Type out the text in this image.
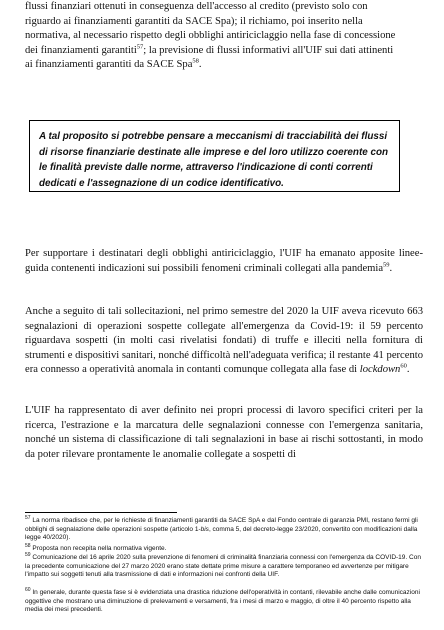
flussi finanziari ottenuti in conseguenza dell'accesso al credito (previsto solo con
riguardo ai finanziamenti garantiti da SACE Spa); il richiamo, poi inserito nella
normativa, al necessario rispetto degli obblighi antiriciclaggio nella fase di concessione
dei finanziamenti garantiti$^{57}$; la previsione di flussi informativi all'UIF sui dati attinenti
ai finanziamenti garantiti da SACE Spa$^{58}$.

A tal proposito si potrebbe pensare a meccanismi di tracciabilità dei flussi di risorse finanziarie destinate alle imprese e del loro utilizzo coerente con le finalità previste dalle norme, attraverso l'indicazione di conti correnti dedicati e l'assegnazione di un codice identificativo.

Per supportare i destinatari degli obblighi antiriciclaggio, l'UIF ha emanato apposite linee-guida contenenti indicazioni sui possibili fenomeni criminali collegati alla pandemia$^{59}$.

Anche a seguito di tali sollecitazioni, nel primo semestre del 2020 la UIF aveva ricevuto 663 segnalazioni di operazioni sospette collegate all'emergenza da Covid-19: il 59 percento riguardava sospetti (in molti casi rivelatisi fondati) di truffe e illeciti nella fornitura di strumenti e dispositivi sanitari, nonché difficoltà nell'adeguata verifica; il restante 41 percento era connesso a operatività anomala in contanti comunque collegata alla fase di lockdown$^{60}$.

L'UIF ha rappresentato di aver definito nei propri processi di lavoro specifici criteri per la ricerca, l'estrazione e la marcatura delle segnalazioni connesse con l'emergenza sanitaria, nonché un sistema di classificazione di tali segnalazioni in base ai rischi sottostanti, in modo da poter rilevare prontamente le anomalie collegate a sospetti di

$^{57}$ La norma ribadisce che, per le richieste di finanziamenti garantiti da SACE SpA e dal Fondo centrale di garanzia PMI, restano fermi gli obblighi di segnalazione delle operazioni sospette (articolo 1-bis, comma 5, del decreto-legge 23/2020, convertito con modificazioni dalla legge 40/2020).

$^{58}$ Proposta non recepita nella normativa vigente.

$^{59}$ Comunicazione del 16 aprile 2020 sulla prevenzione di fenomeni di criminalità finanziaria connessi con l'emergenza da COVID-19. Con la precedente comunicazione del 27 marzo 2020 erano state dettate prime misure a carattere temporaneo ed avvertenze per mitigare l'impatto sui soggetti tenuti alla trasmissione di dati e informazioni nei confronti della UIF.

$^{60}$ In generale, durante questa fase si è evidenziata una drastica riduzione dell'operatività in contanti, rilevabile anche dalle comunicazioni oggettive che mostrano una diminuzione di prelevamenti e versamenti, fra i mesi di marzo e maggio, di oltre il 40 percento rispetto alla media dei mesi precedenti.
